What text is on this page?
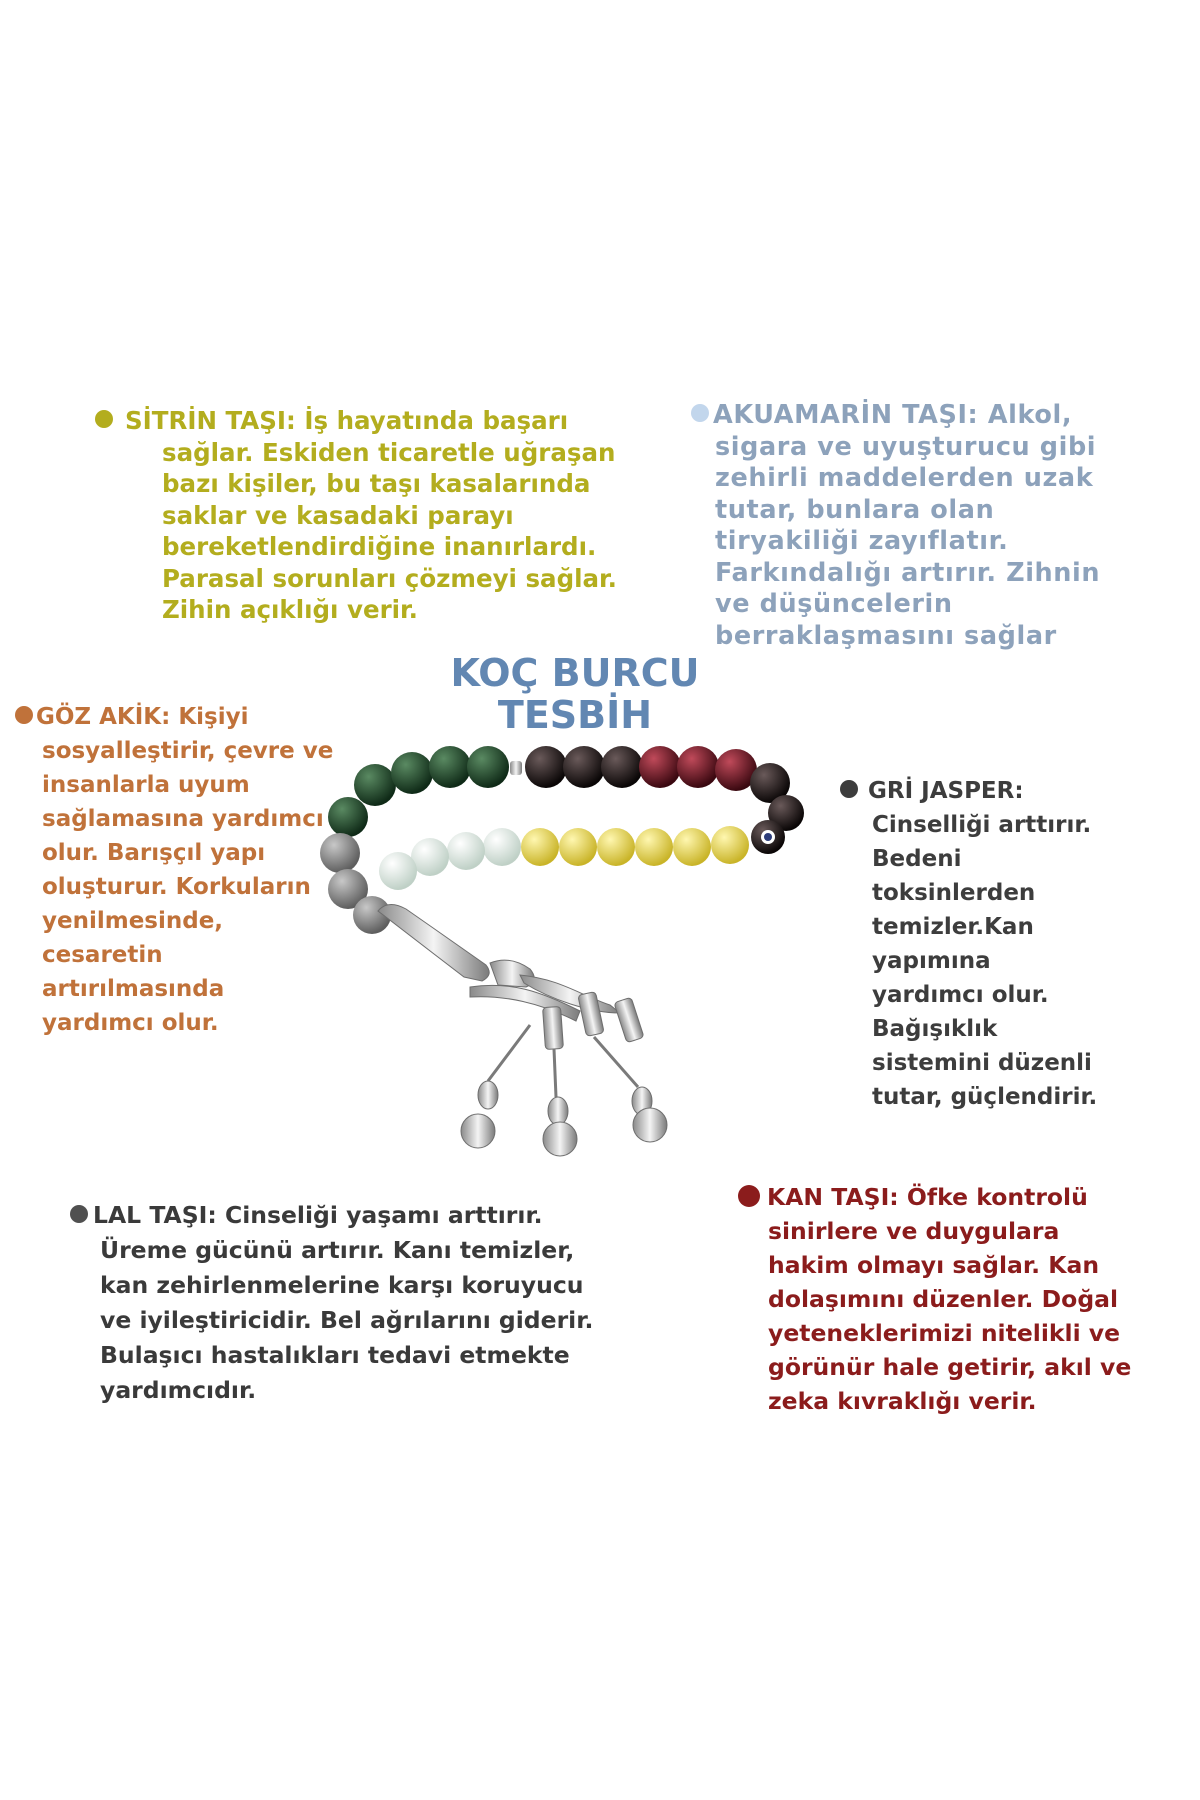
SİTRİN TAŞI: İş hayatında başarı
sağlar. Eskiden ticaretle uğraşan
bazı kişiler, bu taşı kasalarında
saklar ve kasadaki parayı
bereketlendirdiğine inanırlardı.
Parasal sorunları çözmeyi sağlar.
Zihin açıklığı verir.
AKUAMARİN TAŞI: Alkol,
sigara ve uyuşturucu gibi
zehirli maddelerden uzak
tutar, bunlara olan
tiryakiliği zayıflatır.
Farkındalığı artırır. Zihnin
ve düşüncelerin
berraklaşmasını sağlar
KOÇ BURCU
TESBİH
GÖZ AKİK: Kişiyi
sosyalleştirir, çevre ve
insanlarla uyum
sağlamasına yardımcı
olur. Barışçıl yapı
oluşturur. Korkuların
yenilmesinde,
cesaretin
artırılmasında
yardımcı olur.
GRİ JASPER:
Cinselliği arttırır.
Bedeni
toksinlerden
temizler.Kan
yapımına
yardımcı olur.
Bağışıklık
sistemini düzenli
tutar, güçlendirir.
LAL TAŞI: Cinseliği yaşamı arttırır.
Üreme gücünü artırır. Kanı temizler,
kan zehirlenmelerine karşı koruyucu
ve iyileştiricidir. Bel ağrılarını giderir.
Bulaşıcı hastalıkları tedavi etmekte
yardımcıdır.
KAN TAŞI: Öfke kontrolü
sinirlere ve duygulara
hakim olmayı sağlar. Kan
dolaşımını düzenler. Doğal
yeteneklerimizi nitelikli ve
görünür hale getirir, akıl ve
zeka kıvraklığı verir.
